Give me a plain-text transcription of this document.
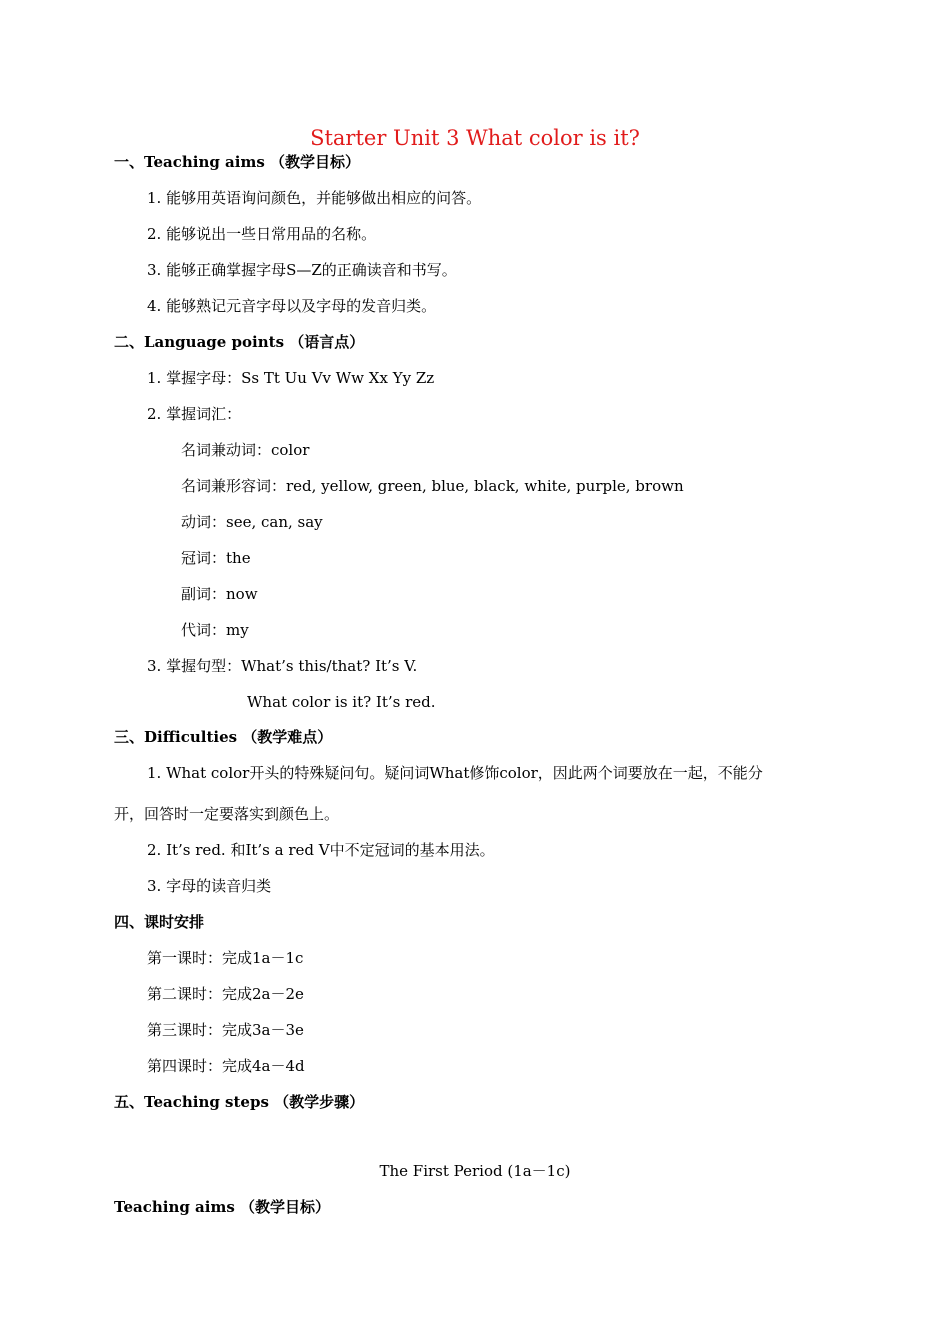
Starter Unit 3 What color is it?
一、Teaching aims （教学目标）
1. 能够用英语询问颜色，并能够做出相应的问答。
2. 能够说出一些日常用品的名称。
3. 能够正确掌握字母S—Z的正确读音和书写。
4. 能够熟记元音字母以及字母的发音归类。
二、Language points （语言点）
1. 掌握字母：Ss Tt Uu Vv Ww Xx Yy Zz
2. 掌握词汇：
名词兼动词：color
名词兼形容词：red, yellow, green, blue, black, white, purple, brown
动词：see, can, say
冠词：the
副词：now
代词：my
3. 掌握句型：What’s this/that? It’s V.
What color is it? It’s red.
三、Difficulties （教学难点）
1. What color开头的特殊疑问句。疑问词What修饰color，因此两个词要放在一起，不能分
开，回答时一定要落实到颜色上。
2. It’s red. 和It’s a red V中不定冠词的基本用法。
3. 字母的读音归类
四、课时安排
第一课时：完成1a－1c
第二课时：完成2a－2e
第三课时：完成3a－3e
第四课时：完成4a－4d
五、Teaching steps （教学步骤）
The First Period (1a－1c)
Teaching aims （教学目标）
